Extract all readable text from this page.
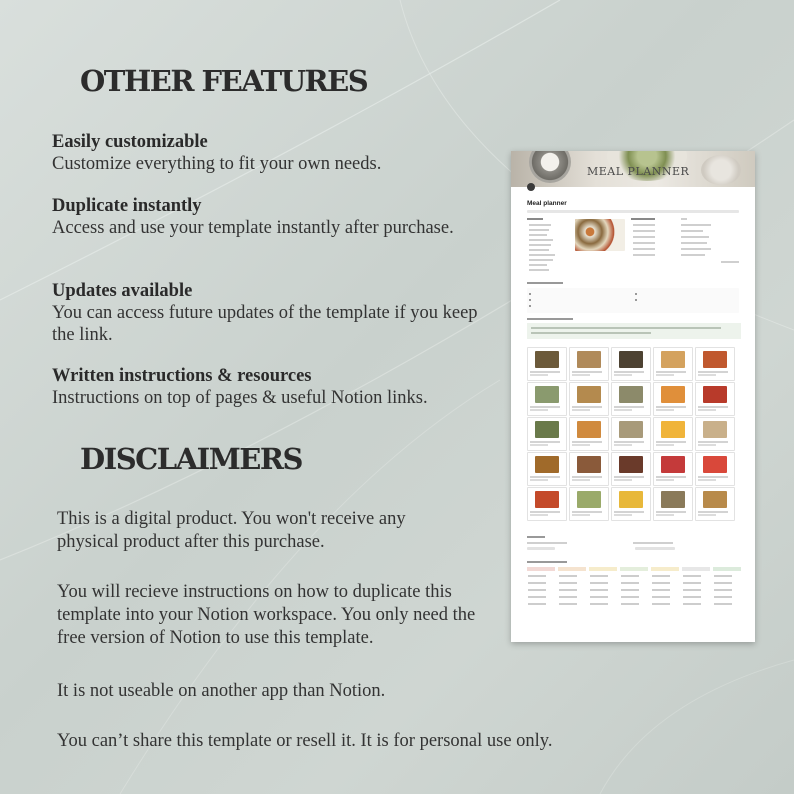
OTHER FEATURES
Easily customizable
Customize everything to fit your own needs.
Duplicate instantly
Access and use your template instantly after purchase.
Updates available
You can access future updates of the template if you keep the link.
Written instructions & resources
Instructions on top of pages & useful Notion links.
DISCLAIMERS

This is a digital product. You won't receive any physical product after this purchase.

You will recieve instructions on how to duplicate this template into your Notion workspace. You only need the free version of Notion to use this template.

It is not useable on another app than Notion.

You can’t share this template or resell it. It is for personal use only.

MEAL PLANNER
Meal planner
